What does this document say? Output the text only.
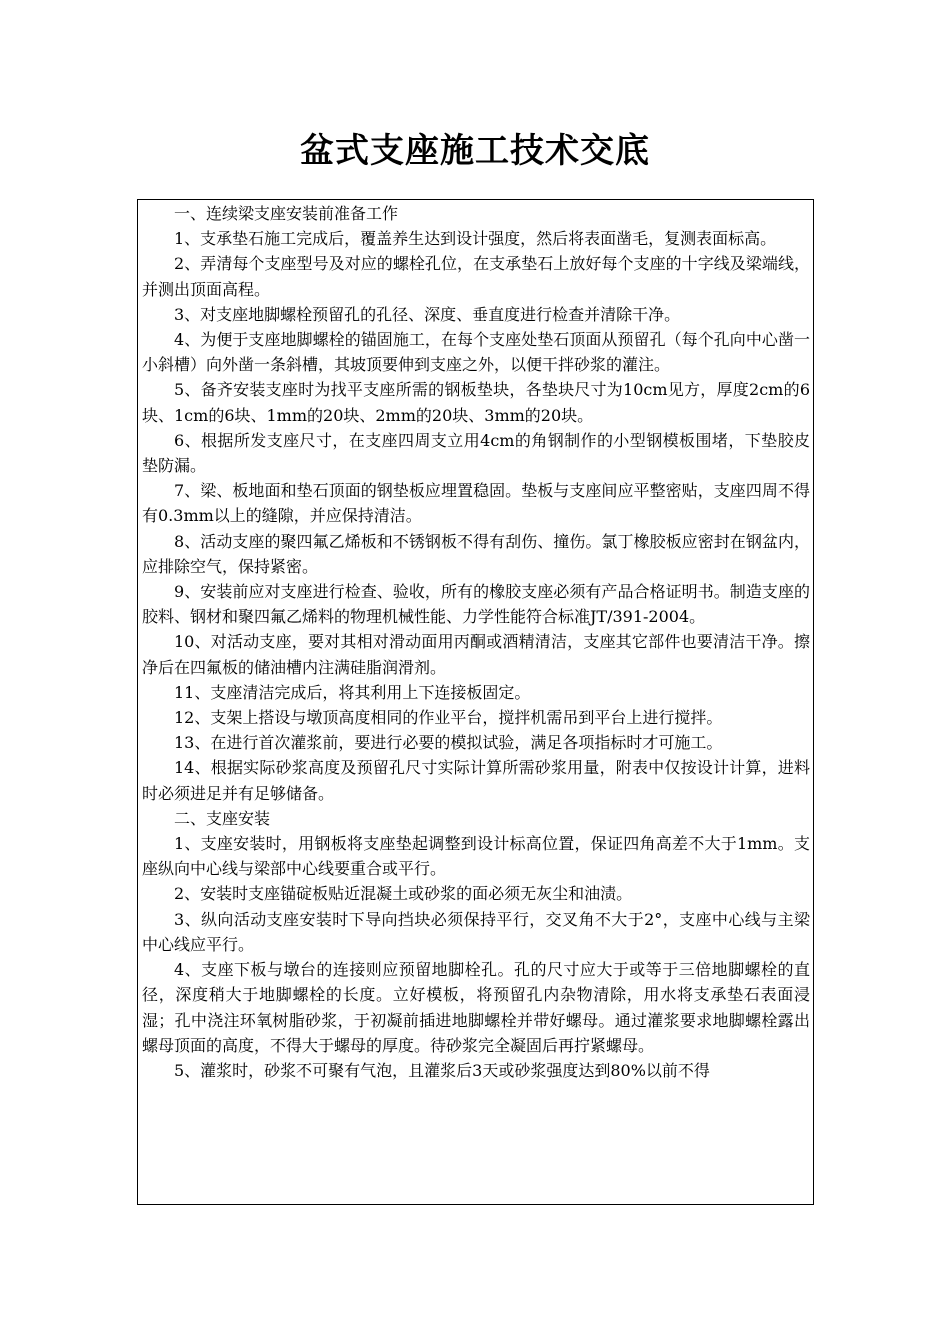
盆式支座施工技术交底

一、连续梁支座安装前准备工作

1、支承垫石施工完成后，覆盖养生达到设计强度，然后将表面凿毛，复测表面标高。

2、弄清每个支座型号及对应的螺栓孔位，在支承垫石上放好每个支座的十字线及梁端线，并测出顶面高程。

3、对支座地脚螺栓预留孔的孔径、深度、垂直度进行检查并清除干净。

4、为便于支座地脚螺栓的锚固施工，在每个支座处垫石顶面从预留孔（每个孔向中心凿一小斜槽）向外凿一条斜槽，其坡顶要伸到支座之外，以便干拌砂浆的灌注。

5、备齐安装支座时为找平支座所需的钢板垫块，各垫块尺寸为10cm见方，厚度2cm的6块、1cm的6块、1mm的20块、2mm的20块、3mm的20块。

6、根据所发支座尺寸，在支座四周支立用4cm的角钢制作的小型钢模板围堵，下垫胶皮垫防漏。

7、梁、板地面和垫石顶面的钢垫板应埋置稳固。垫板与支座间应平整密贴，支座四周不得有0.3mm以上的缝隙，并应保持清洁。

8、活动支座的聚四氟乙烯板和不锈钢板不得有刮伤、撞伤。氯丁橡胶板应密封在钢盆内，应排除空气，保持紧密。

9、安装前应对支座进行检查、验收，所有的橡胶支座必须有产品合格证明书。制造支座的胶料、钢材和聚四氟乙烯料的物理机械性能、力学性能符合标准JT/391-2004。

10、对活动支座，要对其相对滑动面用丙酮或酒精清洁，支座其它部件也要清洁干净。擦净后在四氟板的储油槽内注满硅脂润滑剂。

11、支座清洁完成后，将其利用上下连接板固定。

12、支架上搭设与墩顶高度相同的作业平台，搅拌机需吊到平台上进行搅拌。

13、在进行首次灌浆前，要进行必要的模拟试验，满足各项指标时才可施工。

14、根据实际砂浆高度及预留孔尺寸实际计算所需砂浆用量，附表中仅按设计计算，进料时必须进足并有足够储备。

二、支座安装

1、支座安装时，用钢板将支座垫起调整到设计标高位置，保证四角高差不大于1mm。支座纵向中心线与梁部中心线要重合或平行。

2、安装时支座锚碇板贴近混凝土或砂浆的面必须无灰尘和油渍。

3、纵向活动支座安装时下导向挡块必须保持平行，交叉角不大于2°，支座中心线与主梁中心线应平行。

4、支座下板与墩台的连接则应预留地脚栓孔。孔的尺寸应大于或等于三倍地脚螺栓的直径，深度稍大于地脚螺栓的长度。立好模板，将预留孔内杂物清除，用水将支承垫石表面浸湿；孔中浇注环氧树脂砂浆，于初凝前插进地脚螺栓并带好螺母。通过灌浆要求地脚螺栓露出螺母顶面的高度，不得大于螺母的厚度。待砂浆完全凝固后再拧紧螺母。

5、灌浆时，砂浆不可聚有气泡，且灌浆后3天或砂浆强度达到80%以前不得
